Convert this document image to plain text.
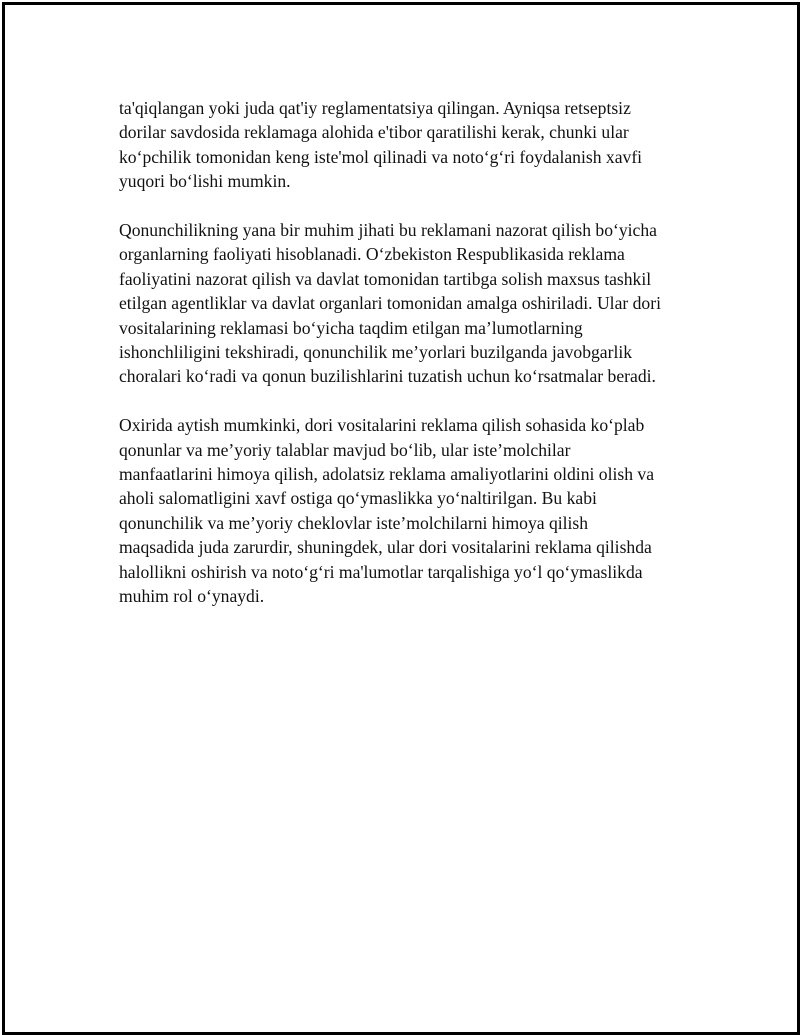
ta'qiqlangan yoki juda qat'iy reglamentatsiya qilingan. Ayniqsa retseptsiz
dorilar savdosida reklamaga alohida e'tibor qaratilishi kerak, chunki ular
ko‘pchilik tomonidan keng iste'mol qilinadi va noto‘g‘ri foydalanish xavfi
yuqori bo‘lishi mumkin.

Qonunchilikning yana bir muhim jihati bu reklamani nazorat qilish bo‘yicha
organlarning faoliyati hisoblanadi. O‘zbekiston Respublikasida reklama
faoliyatini nazorat qilish va davlat tomonidan tartibga solish maxsus tashkil
etilgan agentliklar va davlat organlari tomonidan amalga oshiriladi. Ular dori
vositalarining reklamasi bo‘yicha taqdim etilgan ma’lumotlarning
ishonchliligini tekshiradi, qonunchilik me’yorlari buzilganda javobgarlik
choralari ko‘radi va qonun buzilishlarini tuzatish uchun ko‘rsatmalar beradi.

Oxirida aytish mumkinki, dori vositalarini reklama qilish sohasida ko‘plab
qonunlar va me’yoriy talablar mavjud bo‘lib, ular iste’molchilar
manfaatlarini himoya qilish, adolatsiz reklama amaliyotlarini oldini olish va
aholi salomatligini xavf ostiga qo‘ymaslikka yo‘naltirilgan. Bu kabi
qonunchilik va me’yoriy cheklovlar iste’molchilarni himoya qilish
maqsadida juda zarurdir, shuningdek, ular dori vositalarini reklama qilishda
halollikni oshirish va noto‘g‘ri ma'lumotlar tarqalishiga yo‘l qo‘ymaslikda
muhim rol o‘ynaydi.
